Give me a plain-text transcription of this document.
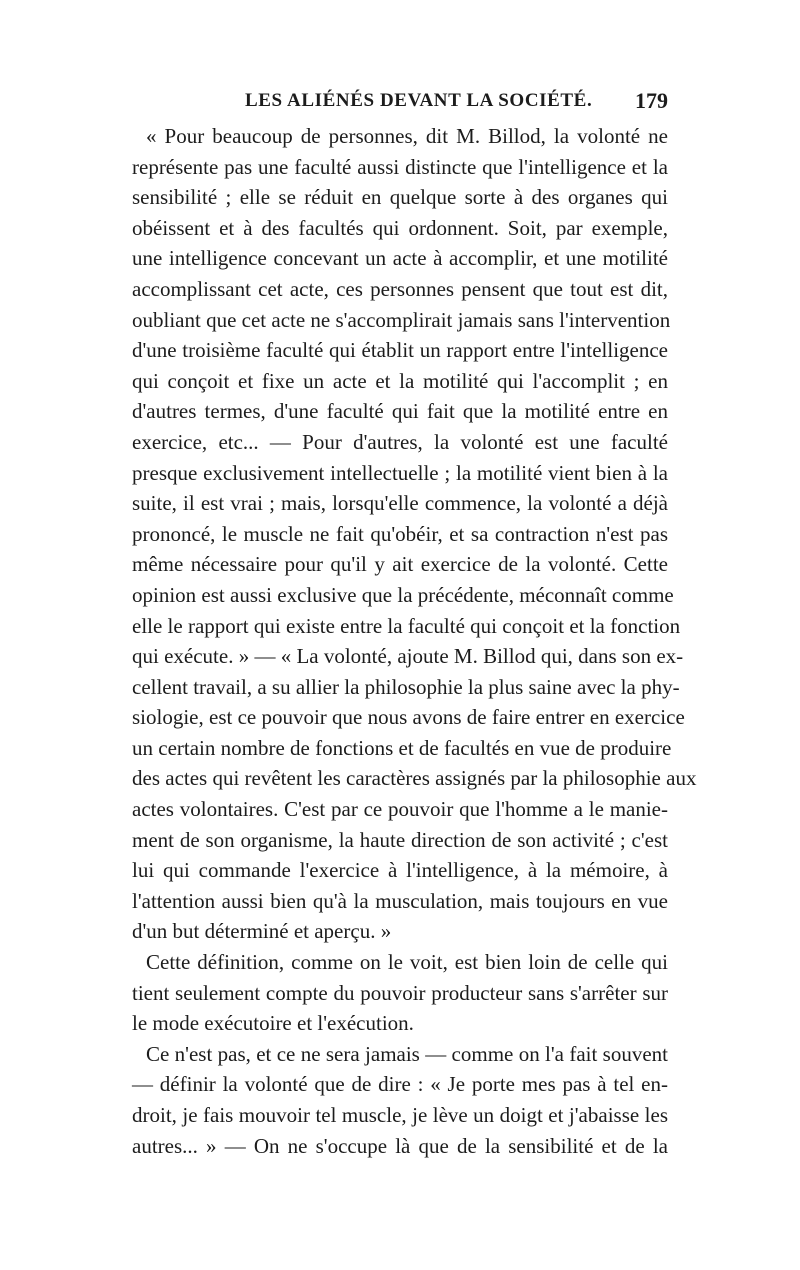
LES ALIÉNÉS DEVANT LA SOCIÉTÉ. 179
« Pour beaucoup de personnes, dit M. Billod, la volonté ne
représente pas une faculté aussi distincte que l'intelligence et la
sensibilité ; elle se réduit en quelque sorte à des organes qui
obéissent et à des facultés qui ordonnent. Soit, par exemple,
une intelligence concevant un acte à accomplir, et une motilité
accomplissant cet acte, ces personnes pensent que tout est dit,
oubliant que cet acte ne s'accomplirait jamais sans l'intervention
d'une troisième faculté qui établit un rapport entre l'intelligence
qui conçoit et fixe un acte et la motilité qui l'accomplit ; en
d'autres termes, d'une faculté qui fait que la motilité entre en
exercice, etc... — Pour d'autres, la volonté est une faculté
presque exclusivement intellectuelle ; la motilité vient bien à la
suite, il est vrai ; mais, lorsqu'elle commence, la volonté a déjà
prononcé, le muscle ne fait qu'obéir, et sa contraction n'est pas
même nécessaire pour qu'il y ait exercice de la volonté. Cette
opinion est aussi exclusive que la précédente, méconnaît comme
elle le rapport qui existe entre la faculté qui conçoit et la fonction
qui exécute. » — « La volonté, ajoute M. Billod qui, dans son ex-
cellent travail, a su allier la philosophie la plus saine avec la phy-
siologie, est ce pouvoir que nous avons de faire entrer en exercice
un certain nombre de fonctions et de facultés en vue de produire
des actes qui revêtent les caractères assignés par la philosophie aux
actes volontaires. C'est par ce pouvoir que l'homme a le manie-
ment de son organisme, la haute direction de son activité ; c'est
lui qui commande l'exercice à l'intelligence, à la mémoire, à
l'attention aussi bien qu'à la musculation, mais toujours en vue
d'un but déterminé et aperçu. »
Cette définition, comme on le voit, est bien loin de celle qui
tient seulement compte du pouvoir producteur sans s'arrêter sur
le mode exécutoire et l'exécution.
Ce n'est pas, et ce ne sera jamais — comme on l'a fait souvent
— définir la volonté que de dire : « Je porte mes pas à tel en-
droit, je fais mouvoir tel muscle, je lève un doigt et j'abaisse les
autres... » — On ne s'occupe là que de la sensibilité et de la
